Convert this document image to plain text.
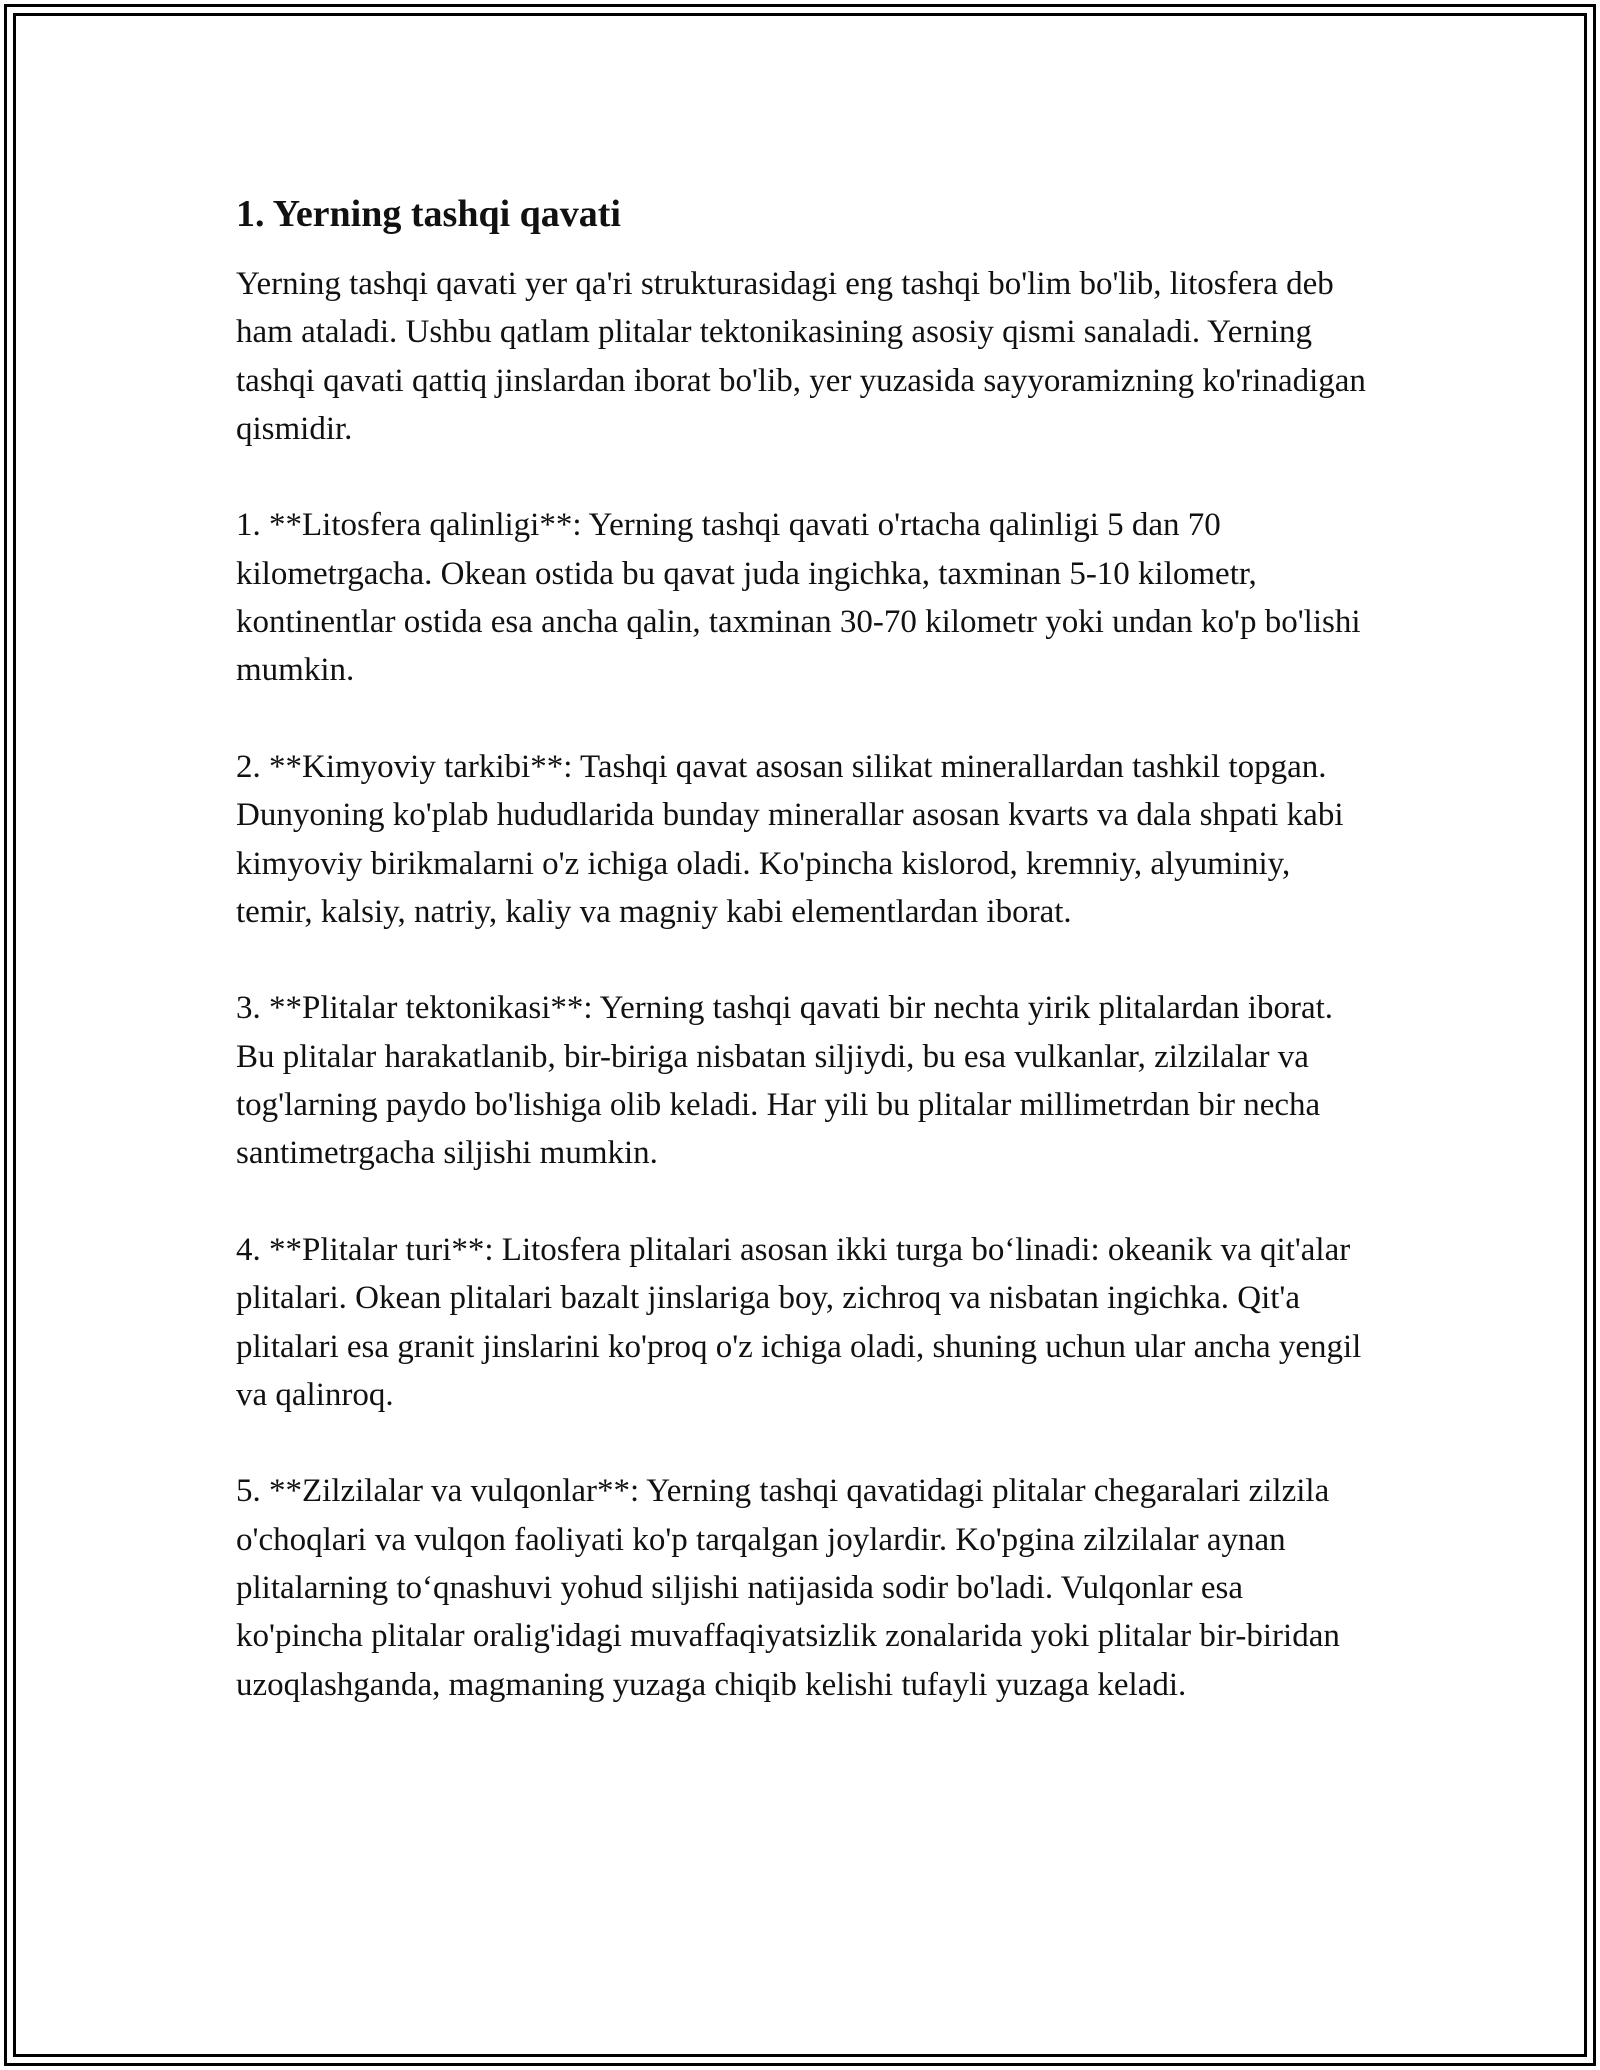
1. Yerning tashqi qavati

Yerning tashqi qavati yer qa'ri strukturasidagi eng tashqi bo'lim bo'lib, litosfera deb ham ataladi. Ushbu qatlam plitalar tektonikasining asosiy qismi sanaladi. Yerning tashqi qavati qattiq jinslardan iborat bo'lib, yer yuzasida sayyoramizning ko'rinadigan qismidir.

1. **Litosfera qalinligi**: Yerning tashqi qavati o'rtacha qalinligi 5 dan 70 kilometrgacha. Okean ostida bu qavat juda ingichka, taxminan 5-10 kilometr, kontinentlar ostida esa ancha qalin, taxminan 30-70 kilometr yoki undan ko'p bo'lishi mumkin.

2. **Kimyoviy tarkibi**: Tashqi qavat asosan silikat minerallardan tashkil topgan. Dunyoning ko'plab hududlarida bunday minerallar asosan kvarts va dala shpati kabi kimyoviy birikmalarni o'z ichiga oladi. Ko'pincha kislorod, kremniy, alyuminiy, temir, kalsiy, natriy, kaliy va magniy kabi elementlardan iborat.

3. **Plitalar tektonikasi**: Yerning tashqi qavati bir nechta yirik plitalardan iborat. Bu plitalar harakatlanib, bir-biriga nisbatan siljiydi, bu esa vulkanlar, zilzilalar va tog'larning paydo bo'lishiga olib keladi. Har yili bu plitalar millimetrdan bir necha santimetrgacha siljishi mumkin.

4. **Plitalar turi**: Litosfera plitalari asosan ikki turga bo‘linadi: okeanik va qit'alar plitalari. Okean plitalari bazalt jinslariga boy, zichroq va nisbatan ingichka. Qit'a plitalari esa granit jinslarini ko'proq o'z ichiga oladi, shuning uchun ular ancha yengil va qalinroq.

5. **Zilzilalar va vulqonlar**: Yerning tashqi qavatidagi plitalar chegaralari zilzila o'choqlari va vulqon faoliyati ko'p tarqalgan joylardir. Ko'pgina zilzilalar aynan plitalarning to‘qnashuvi yohud siljishi natijasida sodir bo'ladi. Vulqonlar esa ko'pincha plitalar oralig'idagi muvaffaqiyatsizlik zonalarida yoki plitalar bir-biridan uzoqlashganda, magmaning yuzaga chiqib kelishi tufayli yuzaga keladi.
